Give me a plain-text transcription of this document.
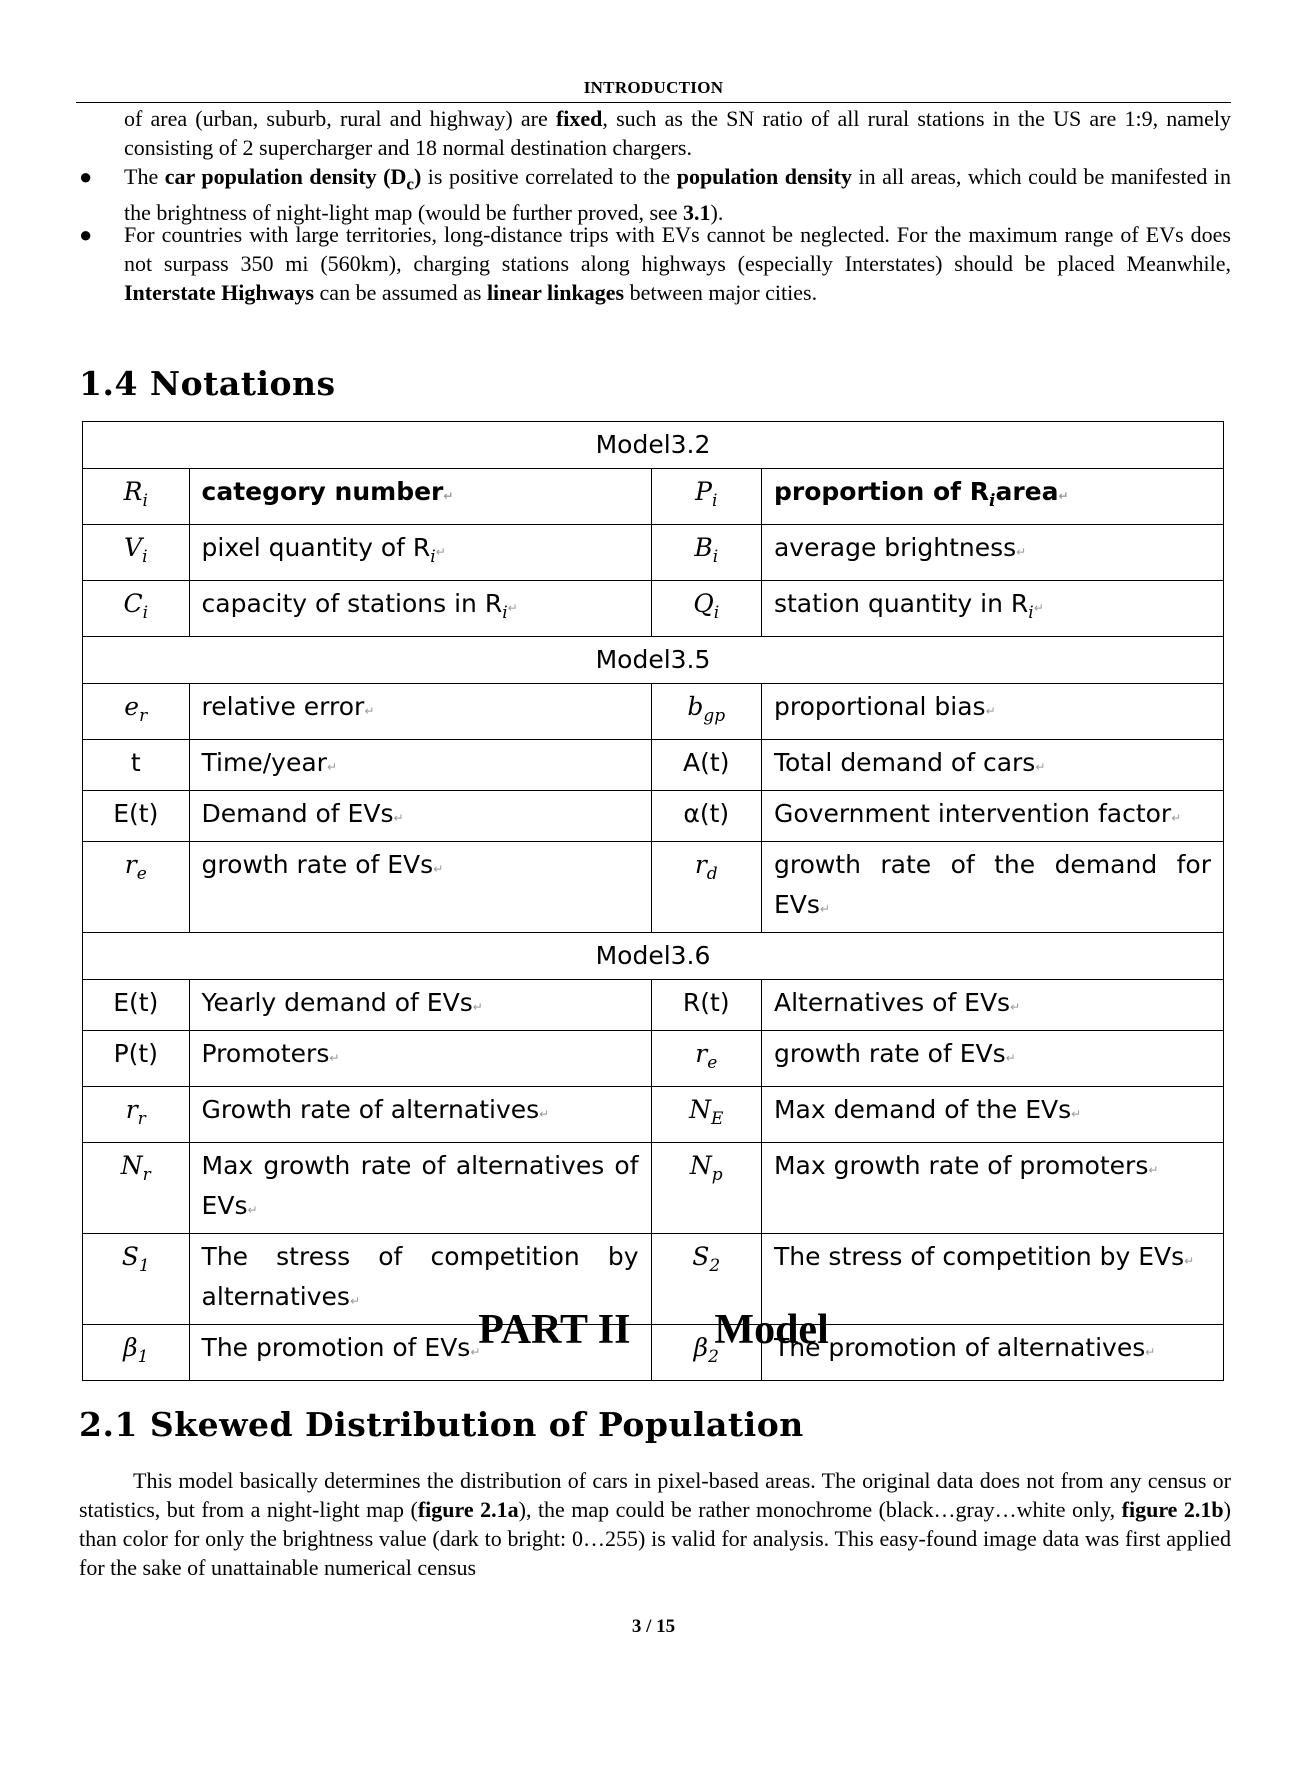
INTRODUCTION

of area (urban, suburb, rural and highway) are fixed, such as the SN ratio of all rural stations in the US are 1:9, namely consisting of 2 supercharger and 18 normal destination chargers.

● The car population density $(D_c)$ is positive correlated to the population density in all areas, which could be manifested in the brightness of night-light map (would be further proved, see 3.1).

● For countries with large territories, long-distance trips with EVs cannot be neglected. For the maximum range of EVs does not surpass 350 mi (560km), charging stations along highways (especially Interstates) should be placed Meanwhile, Interstate Highways can be assumed as linear linkages between major cities.

1.4 Notations
Model3.2			
$R_i$	category number↵	$P_i$	proportion of $R_iarea↵$
$V_i$	pixel quantity of $R_i↵$	$B_i$	average brightness↵
$C_i$	capacity of stations in $R_i↵$	$Q_i$	station quantity in $R_i↵$
Model3.5			
$e_r$	relative error↵	$b_{gp}$	proportional bias↵
t	Time/year↵	A(t)	Total demand of cars↵
E(t)	Demand of EVs↵	α(t)	Government intervention factor↵
$r_e$	growth rate of EVs↵	$r_d$	growth rate of the demand for EVs↵
Model3.6			
E(t)	Yearly demand of EVs↵	R(t)	Alternatives of EVs↵
P(t)	Promoters↵	$r_e$	growth rate of EVs↵
$r_r$	Growth rate of alternatives↵	$N_E$	Max demand of the EVs↵
$N_r$	Max growth rate of alternatives of EVs↵	$N_p$	Max growth rate of promoters↵
$S_1$	The stress of competition by alternatives↵	$S_2$	The stress of competition by EVs↵
$\beta_1$	The promotion of EVs↵	$\beta_2$	The promotion of alternatives↵
PART II Model
2.1 Skewed Distribution of Population

This model basically determines the distribution of cars in pixel-based areas. The original data does not from any census or statistics, but from a night-light map (figure 2.1a), the map could be rather monochrome (black…gray…white only, figure 2.1b) than color for only the brightness value (dark to bright: 0…255) is valid for analysis. This easy-found image data was first applied for the sake of unattainable numerical census

3 / 15
